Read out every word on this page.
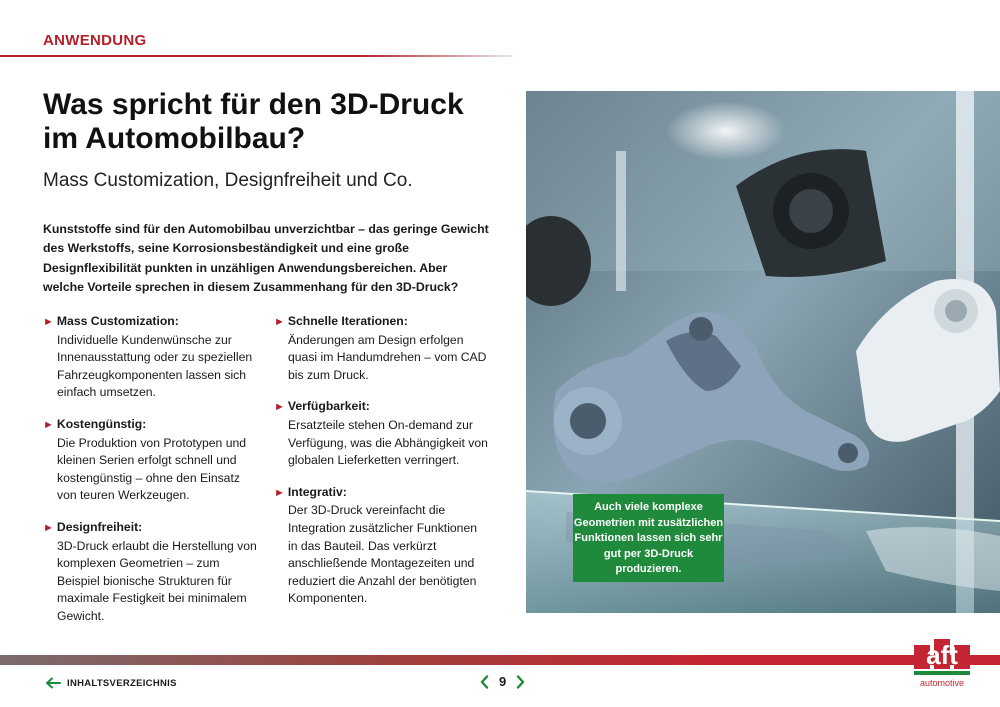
ANWENDUNG
Was spricht für den 3D-Druck
im Automobilbau?
Mass Customization, Designfreiheit und Co.
Kunststoffe sind für den Automobilbau unverzichtbar – das geringe Gewicht des Werkstoffs, seine Korrosionsbeständigkeit und eine große Designflexibilität punkten in unzähligen Anwendungsbereichen. Aber welche Vorteile sprechen in diesem Zusammenhang für den 3D-Druck?
► Mass Customization:
Individuelle Kundenwünsche zur Innenausstattung oder zu speziellen Fahrzeugkomponenten lassen sich einfach umsetzen.
► Kostengünstig:
Die Produktion von Prototypen und kleinen Serien erfolgt schnell und kostengünstig – ohne den Einsatz von teuren Werkzeugen.
► Designfreiheit:
3D-Druck erlaubt die Herstellung von komplexen Geometrien – zum Beispiel bionische Strukturen für maximale Festigkeit bei minimalem Gewicht.
► Schnelle Iterationen:
Änderungen am Design erfolgen quasi im Handumdrehen – vom CAD bis zum Druck.
► Verfügbarkeit:
Ersatzteile stehen On-demand zur Verfügung, was die Abhängigkeit von globalen Lieferketten verringert.
► Integrativ:
Der 3D-Druck vereinfacht die Integration zusätzlicher Funktionen in das Bauteil. Das verkürzt anschließende Montagezeiten und reduziert die Anzahl der benötigten Komponenten.
Auch viele komplexe Geometrien mit zusätzlichen Funktionen lassen sich sehr gut per 3D-Druck produzieren.
aft
automotive
INHALTSVERZEICHNIS	9
